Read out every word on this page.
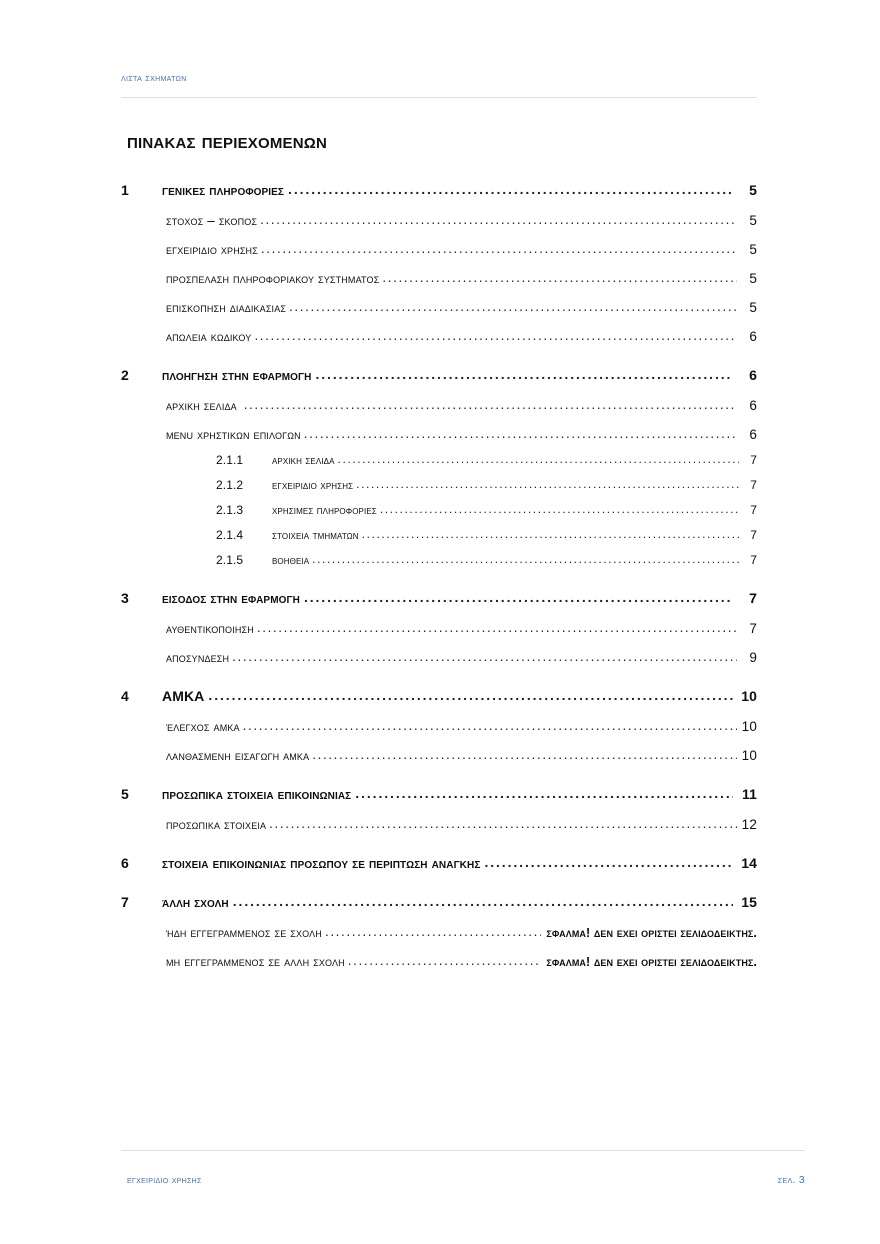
λιστα σχηματων
πινακας περιεχομενων
1	γενικες πληροφοριες .....	5
στοχος – σκοπος .....	5
εγχειριδιο χρησης .....	5
προσπελαση πληροφοριακου συστηματος .....	5
επισκοπηση διαδικασιας .....	5
απωλεια κωδικου .....	6
2	πλοηγηση στην εφαρμογη .....	6
αρχικη σελιδα .....	6
μενu χρηστικων επιλογων .....	6
2.1.1	αρχικη σελιδα .....	7
2.1.2	εγχειριδιο χρησης .....	7
2.1.3	χρησιμες πληροφοριες .....	7
2.1.4	στοιχεια τμηματων .....	7
2.1.5	βοηθεια .....	7
3	εισοδος στην εφαρμογη .....	7
αυθεντικοποιηση .....	7
αποσυνδεση .....	9
4	ΑΜΚΑ .....	10
έλεγχος αμκα .....	10
λανθασμενη εισαγωγη αμκα .....	10
5	προσωπικα στοιχεια επικοινωνιας .....	11
προσωπικα στοιχεια .....	12
6	στοιχεια επικοινωνιας προσωπου σε περιπτωση αναγκης .....	14
7	άλλη σχολη .....	15
ήδη εγγεγραμμενος σε σχολη .....	σφαλμα! δεν εχει οριστει σελιδοδεικτης.
μη εγγεγραμμενος σε αλλη σχολη .....	σφαλμα! δεν εχει οριστει σελιδοδεικτης.
εγχειριδιο χρησης	σελ. 3
